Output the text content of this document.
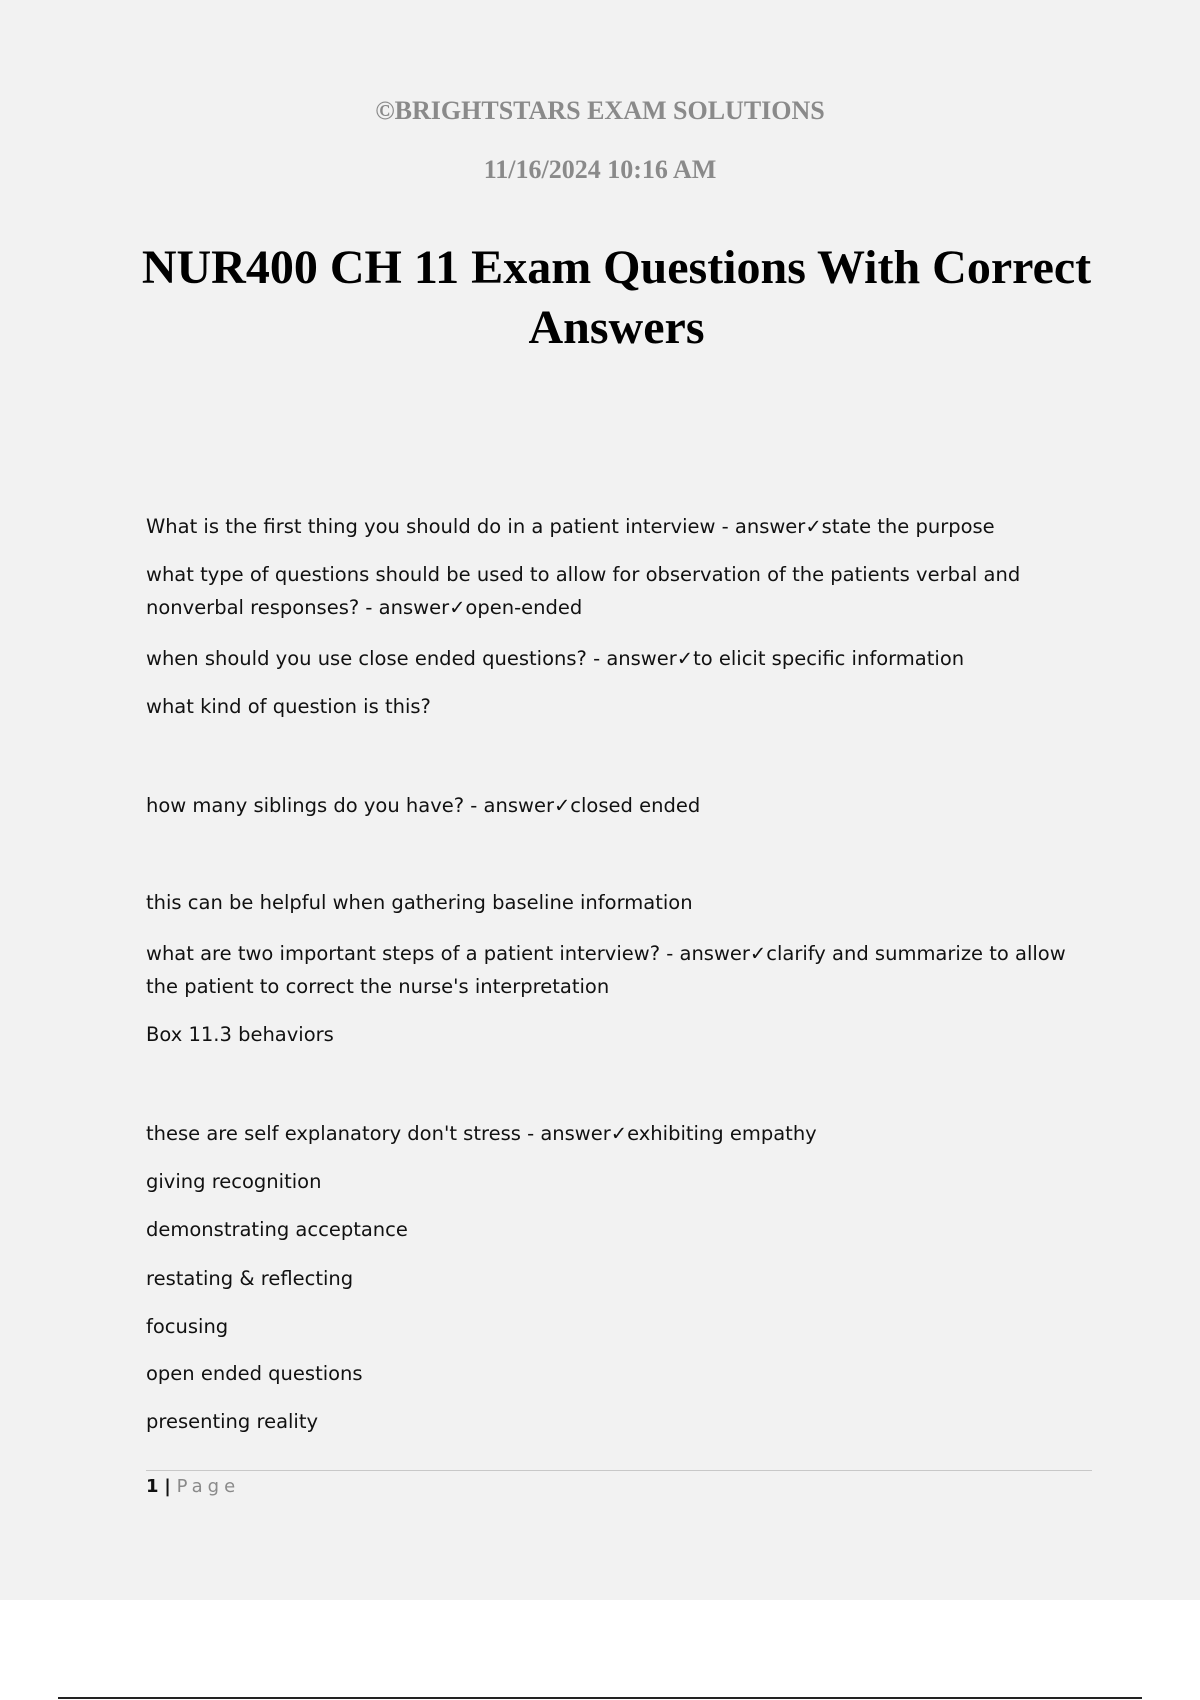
©BRIGHTSTARS EXAM SOLUTIONS
11/16/2024 10:16 AM
NUR400 CH 11 Exam Questions With Correct Answers
What is the first thing you should do in a patient interview - answer✓state the purpose
what type of questions should be used to allow for observation of the patients verbal and nonverbal responses? - answer✓open-ended
when should you use close ended questions? - answer✓to elicit specific information
what kind of question is this?
how many siblings do you have? - answer✓closed ended
this can be helpful when gathering baseline information
what are two important steps of a patient interview? - answer✓clarify and summarize to allow the patient to correct the nurse's interpretation
Box 11.3 behaviors
these are self explanatory don't stress - answer✓exhibiting empathy
giving recognition
demonstrating acceptance
restating & reflecting
focusing
open ended questions
presenting reality
1 | Page
